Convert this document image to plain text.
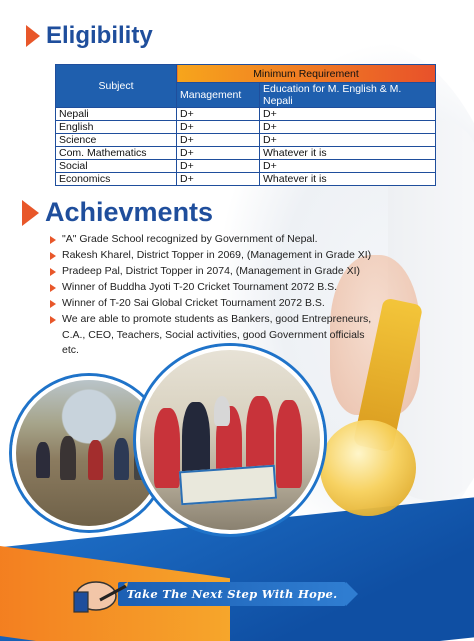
Eligibility
Subject	Minimum Requirement	
	Management	Education for M. English & M. Nepali
Nepali	D+	D+
English	D+	D+
Science	D+	D+
Com. Mathematics	D+	Whatever it is
Social	D+	D+
Economics	D+	Whatever it is
Achievments
"A" Grade School recognized by Government of Nepal.
Rakesh Kharel, District Topper in 2069, (Management in Grade XI)
Pradeep Pal, District Topper in 2074, (Management in Grade XI)
Winner of Buddha Jyoti T-20 Cricket Tournament 2072 B.S.
Winner of T-20 Sai Global Cricket Tournament 2072 B.S.
We are able to promote students as Bankers, good Entrepreneurs, C.A., CEO, Teachers, Social activities, good Government officials etc.
Take The Next Step With Hope.
